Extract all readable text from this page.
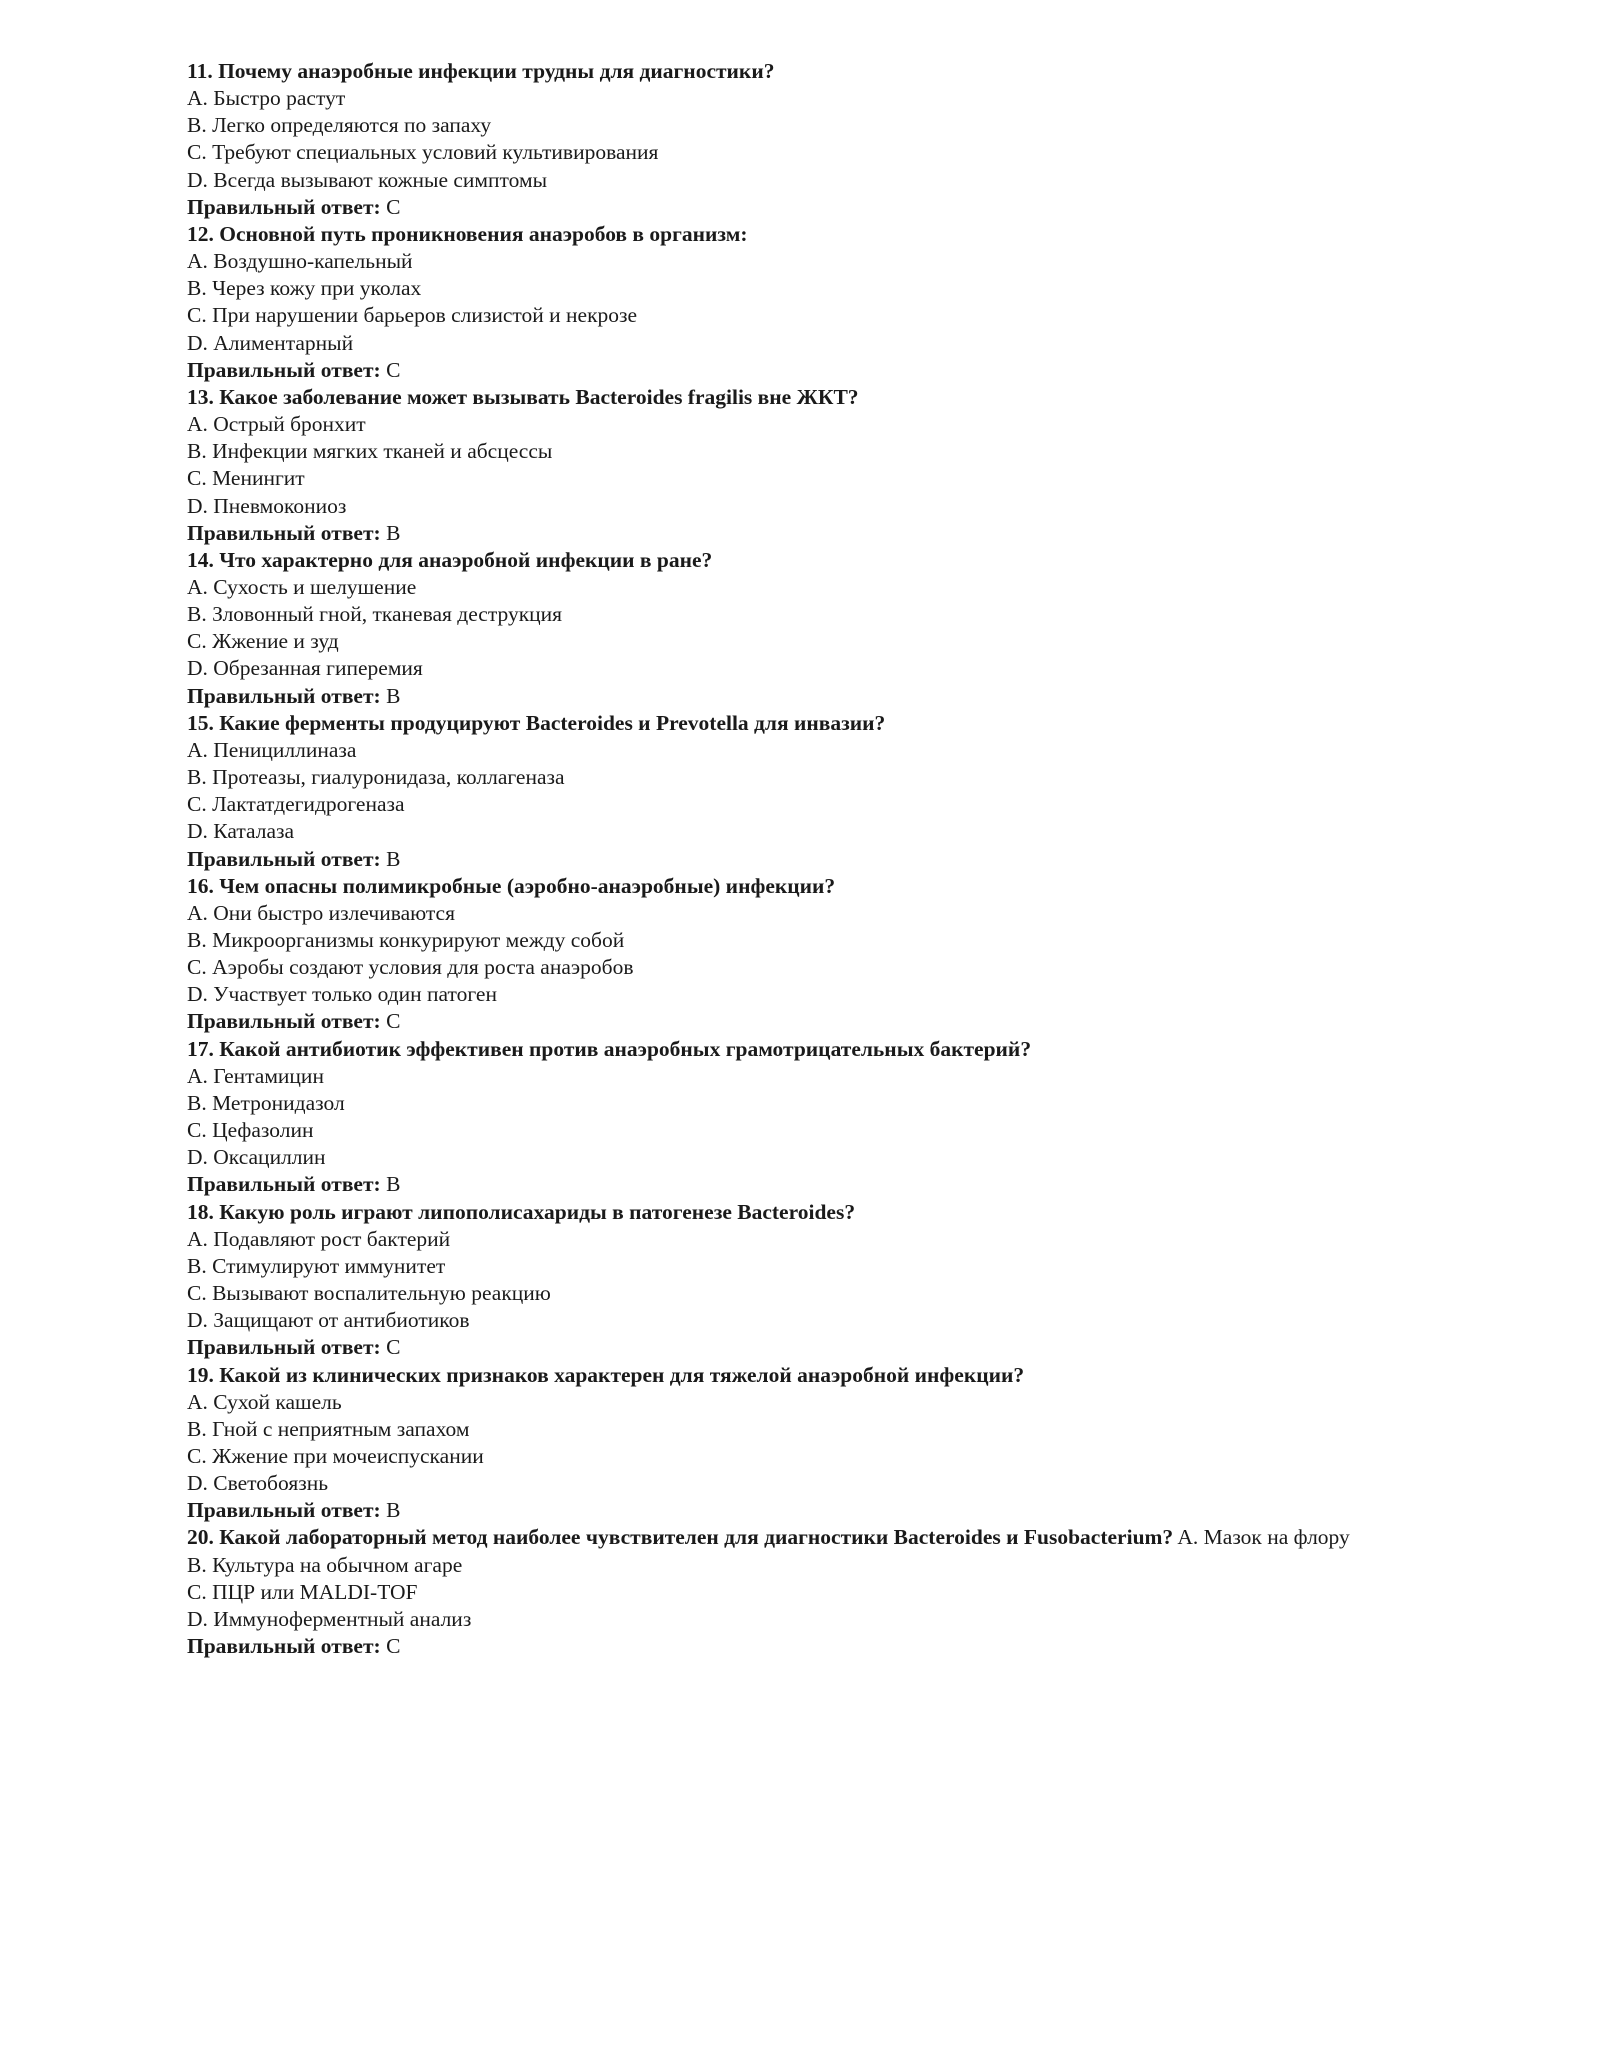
11. Почему анаэробные инфекции трудны для диагностики?
A. Быстро растут
B. Легко определяются по запаху
C. Требуют специальных условий культивирования
D. Всегда вызывают кожные симптомы
Правильный ответ: C
12. Основной путь проникновения анаэробов в организм:
A. Воздушно-капельный
B. Через кожу при уколах
C. При нарушении барьеров слизистой и некрозе
D. Алиментарный
Правильный ответ: C
13. Какое заболевание может вызывать Bacteroides fragilis вне ЖКТ?
A. Острый бронхит
B. Инфекции мягких тканей и абсцессы
C. Менингит
D. Пневмокониоз
Правильный ответ: B
14. Что характерно для анаэробной инфекции в ране?
A. Сухость и шелушение
B. Зловонный гной, тканевая деструкция
C. Жжение и зуд
D. Обрезанная гиперемия
Правильный ответ: B
15. Какие ферменты продуцируют Bacteroides и Prevotella для инвазии?
A. Пенициллиназа
B. Протеазы, гиалуронидаза, коллагеназа
C. Лактатдегидрогеназа
D. Каталаза
Правильный ответ: B
16. Чем опасны полимикробные (аэробно-анаэробные) инфекции?
A. Они быстро излечиваются
B. Микроорганизмы конкурируют между собой
C. Аэробы создают условия для роста анаэробов
D. Участвует только один патоген
Правильный ответ: C
17. Какой антибиотик эффективен против анаэробных грамотрицательных бактерий?
A. Гентамицин
B. Метронидазол
C. Цефазолин
D. Оксациллин
Правильный ответ: B
18. Какую роль играют липополисахариды в патогенезе Bacteroides?
A. Подавляют рост бактерий
B. Стимулируют иммунитет
C. Вызывают воспалительную реакцию
D. Защищают от антибиотиков
Правильный ответ: C
19. Какой из клинических признаков характерен для тяжелой анаэробной инфекции?
A. Сухой кашель
B. Гной с неприятным запахом
C. Жжение при мочеиспускании
D. Светобоязнь
Правильный ответ: B
20. Какой лабораторный метод наиболее чувствителен для диагностики Bacteroides и Fusobacterium? A. Мазок на флору
B. Культура на обычном агаре
C. ПЦР или MALDI-TOF
D. Иммуноферментный анализ
Правильный ответ: C
